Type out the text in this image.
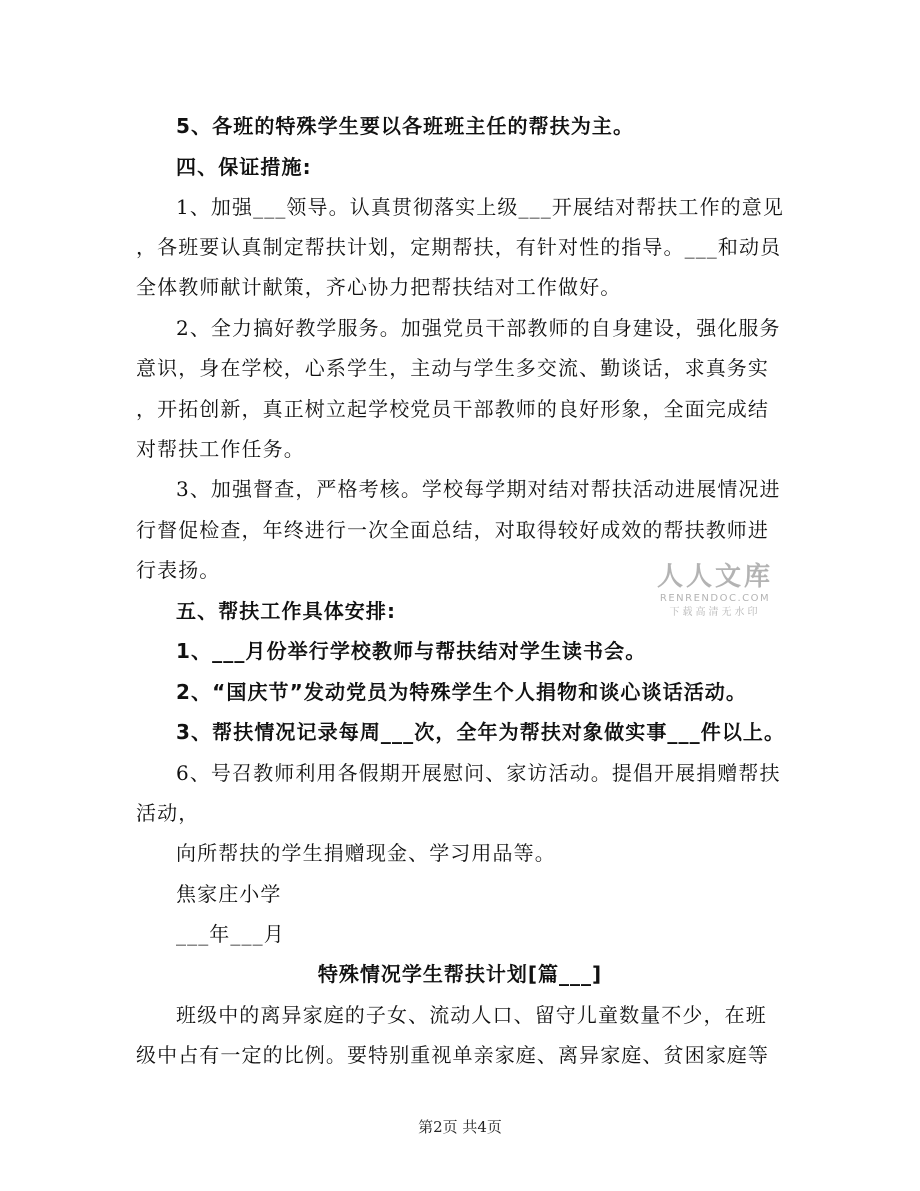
5、各班的特殊学生要以各班班主任的帮扶为主。
四、保证措施:
1、加强___领导。认真贯彻落实上级___开展结对帮扶工作的意见
，各班要认真制定帮扶计划，定期帮扶，有针对性的指导。___和动员
全体教师献计献策，齐心协力把帮扶结对工作做好。
2、全力搞好教学服务。加强党员干部教师的自身建设，强化服务
意识，身在学校，心系学生，主动与学生多交流、勤谈话，求真务实
，开拓创新，真正树立起学校党员干部教师的良好形象，全面完成结
对帮扶工作任务。
3、加强督查，严格考核。学校每学期对结对帮扶活动进展情况进
行督促检查，年终进行一次全面总结，对取得较好成效的帮扶教师进
行表扬。
五、帮扶工作具体安排:
1、___月份举行学校教师与帮扶结对学生读书会。
2、“国庆节”发动党员为特殊学生个人捐物和谈心谈话活动。
3、帮扶情况记录每周___次，全年为帮扶对象做实事___件以上。
6、号召教师利用各假期开展慰问、家访活动。提倡开展捐赠帮扶
活动，
向所帮扶的学生捐赠现金、学习用品等。
焦家庄小学
___年___月
特殊情况学生帮扶计划[篇___]
班级中的离异家庭的子女、流动人口、留守儿童数量不少，在班
级中占有一定的比例。要特别重视单亲家庭、离异家庭、贫困家庭等
人人文库
RENRENDOC.COM
下载高清无水印
第2页 共4页
